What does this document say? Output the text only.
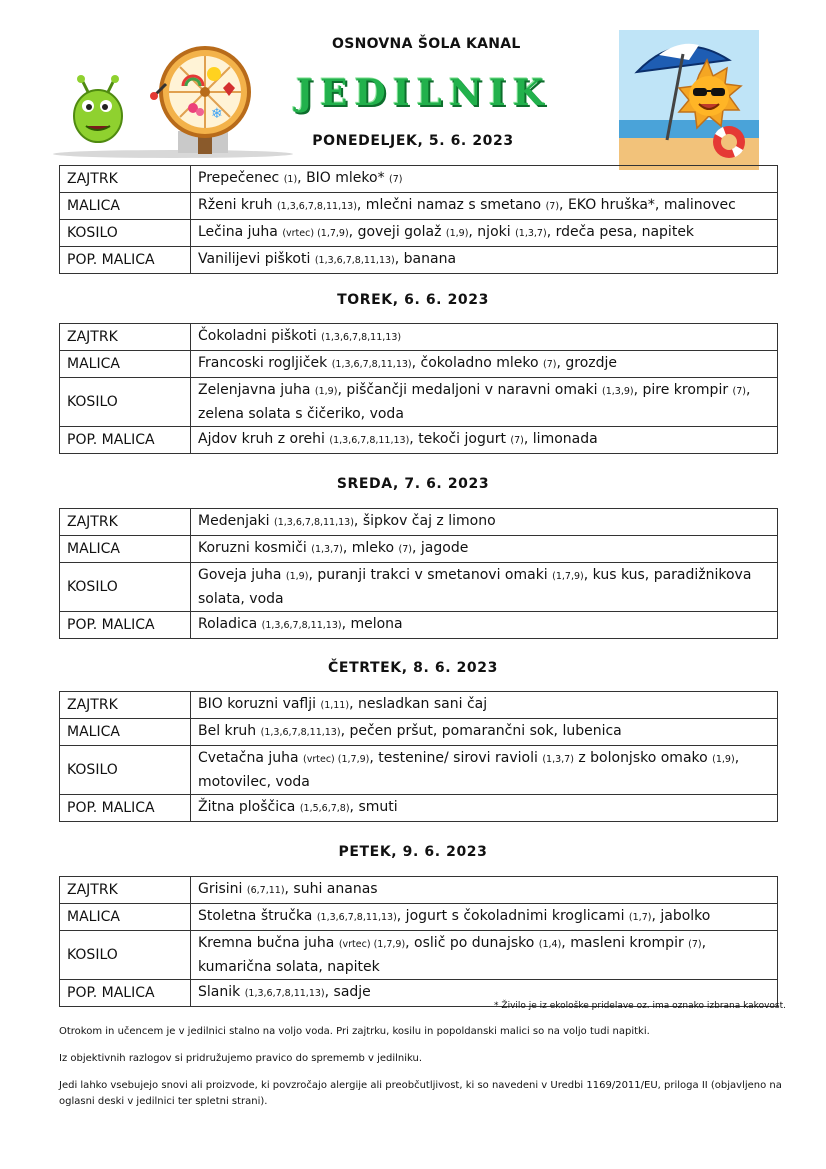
OSNOVNA ŠOLA KANAL
JEDILNIK
❄
PONEDELJEK, 5. 6. 2023
ZAJTRK	Prepečenec (1), BIO mleko* (7)
MALICA	Rženi kruh (1,3,6,7,8,11,13), mlečni namaz s smetano (7), EKO hruška*, malinovec
KOSILO	Lečina juha (vrtec) (1,7,9), goveji golaž (1,9), njoki (1,3,7), rdeča pesa, napitek
POP. MALICA	Vanilijevi piškoti (1,3,6,7,8,11,13), banana
TOREK, 6. 6. 2023
ZAJTRK	Čokoladni piškoti (1,3,6,7,8,11,13)
MALICA	Francoski rogljiček (1,3,6,7,8,11,13), čokoladno mleko (7), grozdje
KOSILO	Zelenjavna juha (1,9), piščančji medaljoni v naravni omaki (1,3,9), pire krompir (7), zelena solata s čičeriko, voda
POP. MALICA	Ajdov kruh z orehi (1,3,6,7,8,11,13), tekoči jogurt (7), limonada
SREDA, 7. 6. 2023
ZAJTRK	Medenjaki (1,3,6,7,8,11,13), šipkov čaj z limono
MALICA	Koruzni kosmiči (1,3,7), mleko (7), jagode
KOSILO	Goveja juha (1,9), puranji trakci v smetanovi omaki (1,7,9), kus kus, paradižnikova solata, voda
POP. MALICA	Roladica (1,3,6,7,8,11,13), melona
ČETRTEK, 8. 6. 2023
ZAJTRK	BIO koruzni vaflji (1,11), nesladkan sani čaj
MALICA	Bel kruh (1,3,6,7,8,11,13), pečen pršut, pomarančni sok, lubenica
KOSILO	Cvetačna juha (vrtec) (1,7,9), testenine/ sirovi ravioli (1,3,7) z bolonjsko omako (1,9), motovilec, voda
POP. MALICA	Žitna ploščica (1,5,6,7,8), smuti
PETEK, 9. 6. 2023
ZAJTRK	Grisini (6,7,11), suhi ananas
MALICA	Stoletna štručka (1,3,6,7,8,11,13), jogurt s čokoladnimi kroglicami (1,7), jabolko
KOSILO	Kremna bučna juha (vrtec) (1,7,9), oslič po dunajsko (1,4), masleni krompir (7), kumarična solata, napitek
POP. MALICA	Slanik (1,3,6,7,8,11,13), sadje
* Živilo je iz ekološke pridelave oz. ima oznako izbrana kakovost.
Otrokom in učencem je v jedilnici stalno na voljo voda. Pri zajtrku, kosilu in popoldanski malici so na voljo tudi napitki.
Iz objektivnih razlogov si pridružujemo pravico do sprememb v jedilniku.
Jedi lahko vsebujejo snovi ali proizvode, ki povzročajo alergije ali preobčutljivost, ki so navedeni v Uredbi 1169/2011/EU, priloga II (objavljeno na oglasni deski v jedilnici ter spletni strani).
